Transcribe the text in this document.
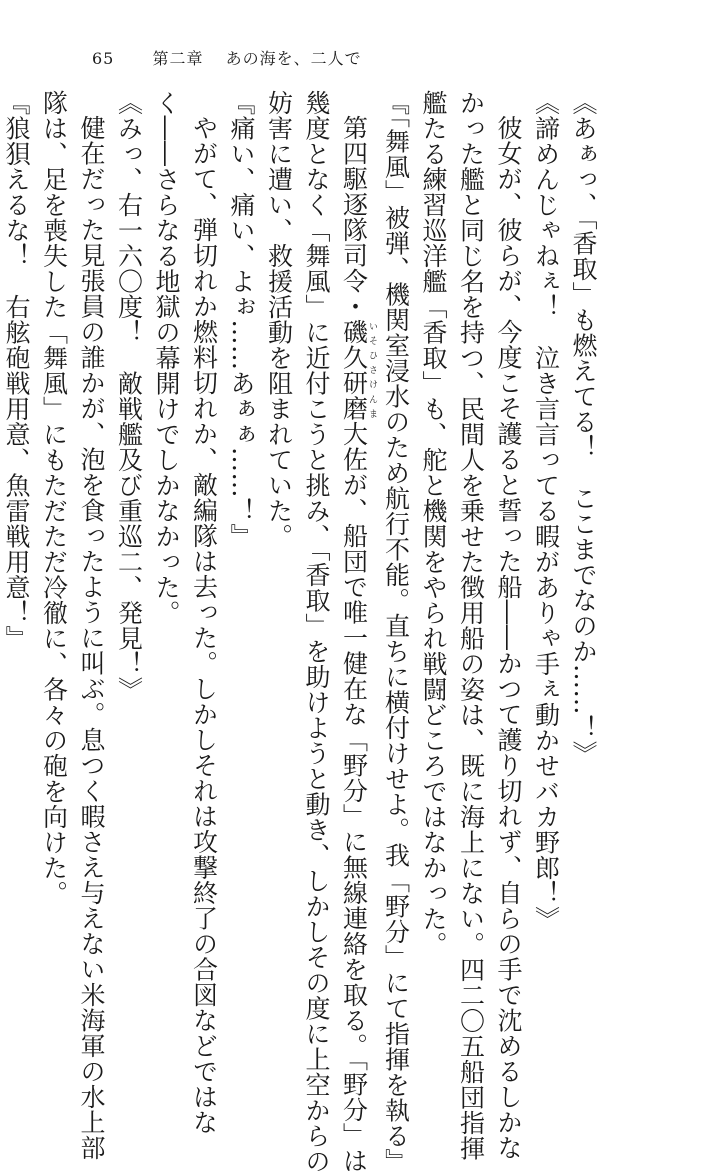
65 第二章 あの海を、二人で
《あぁっ、「香取」も燃えてる！　ここまでなのか……！》
《諦めんじゃねぇ！　泣き言言ってる暇がありゃ手ぇ動かせバカ野郎！》
彼女が、彼らが、今度こそ護ると誓った船――かつて護り切れず、自らの手で沈めるしかな
かった艦と同じ名を持つ、民間人を乗せた徴用船の姿は、既に海上にない。四二〇五船団指揮
艦たる練習巡洋艦「香取」も、舵と機関をやられ戦闘どころではなかった。
『「舞風」被弾、機関室浸水のため航行不能。直ちに横付けせよ。我「野分」にて指揮を執る』
第四駆逐隊司令・磯久研磨いそひさけんま大佐が、船団で唯一健在な「野分」に無線連絡を取る。「野分」は
幾度となく「舞風」に近付こうと挑み、「香取」を助けようと動き、しかしその度に上空からの
妨害に遭い、救援活動を阻まれていた。
『痛い、痛い、よぉ……あぁぁ……！』
やがて、弾切れか燃料切れか、敵編隊は去った。しかしそれは攻撃終了の合図などではな
く――さらなる地獄の幕開けでしかなかった。
《みっ、右一六〇度！　敵戦艦及び重巡二、発見！》
健在だった見張員の誰かが、泡を食ったように叫ぶ。息つく暇さえ与えない米海軍の水上部
隊は、足を喪失した「舞風」にもただただ冷徹に、各々の砲を向けた。
『狼狽えるな！　右舷砲戦用意、魚雷戦用意！』
